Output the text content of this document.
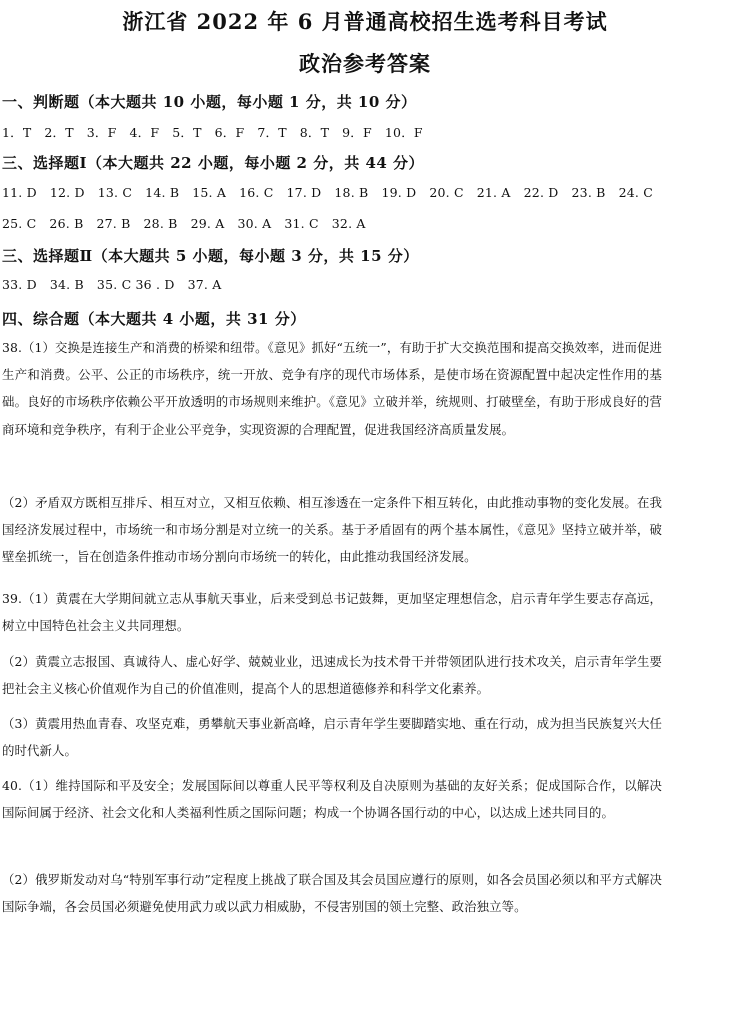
浙江省 2022 年 6 月普通高校招生选考科目考试
政治参考答案
一、判断题（本大题共 10 小题，每小题 1 分，共 10 分）
1．T 2．T 3．F 4．F 5．T 6．F 7．T 8．T 9．F 10．F
三、选择题Ⅰ（本大题共 22 小题，每小题 2 分，共 44 分）
11. D 12. D 13. C 14. B 15. A 16. C 17. D 18. B 19. D 20. C 21. A 22. D 23. B 24. C
25. C 26. B 27. B 28. B 29. A 30. A 31. C 32. A
三、选择题Ⅱ（本大题共 5 小题，每小题 3 分，共 15 分）
33. D 34. B 35. C 36 . D 37. A
四、综合题（本大题共 4 小题，共 31 分）
38.（1）交换是连接生产和消费的桥梁和纽带。《意见》抓好“五统一”，有助于扩大交换范围和提高交换效率，进而促进生产和消费。公平、公正的市场秩序，统一开放、竞争有序的现代市场体系，是使市场在资源配置中起决定性作用的基础。良好的市场秩序依赖公平开放透明的市场规则来维护。《意见》立破并举，统规则、打破壁垒，有助于形成良好的营商环境和竞争秩序，有利于企业公平竞争，实现资源的合理配置，促进我国经济高质量发展。
（2）矛盾双方既相互排斥、相互对立，又相互依赖、相互渗透在一定条件下相互转化，由此推动事物的变化发展。在我国经济发展过程中，市场统一和市场分割是对立统一的关系。基于矛盾固有的两个基本属性，《意见》坚持立破并举，破壁垒抓统一，旨在创造条件推动市场分割向市场统一的转化，由此推动我国经济发展。
39.（1）黄震在大学期间就立志从事航天事业，后来受到总书记鼓舞，更加坚定理想信念，启示青年学生要志存高远，树立中国特色社会主义共同理想。
（2）黄震立志报国、真诚待人、虚心好学、兢兢业业，迅速成长为技术骨干并带领团队进行技术攻关，启示青年学生要把社会主义核心价值观作为自己的价值准则，提高个人的思想道德修养和科学文化素养。
（3）黄震用热血青春、攻坚克难，勇攀航天事业新高峰，启示青年学生要脚踏实地、重在行动，成为担当民族复兴大任的时代新人。
40.（1）维持国际和平及安全；发展国际间以尊重人民平等权利及自决原则为基础的友好关系；促成国际合作，以解决国际间属于经济、社会文化和人类福利性质之国际问题；构成一个协调各国行动的中心，以达成上述共同目的。
（2）俄罗斯发动对乌“特别军事行动”定程度上挑战了联合国及其会员国应遵行的原则，如各会员国必须以和平方式解决国际争端，各会员国必须避免使用武力或以武力相威胁，不侵害别国的领土完整、政治独立等。
